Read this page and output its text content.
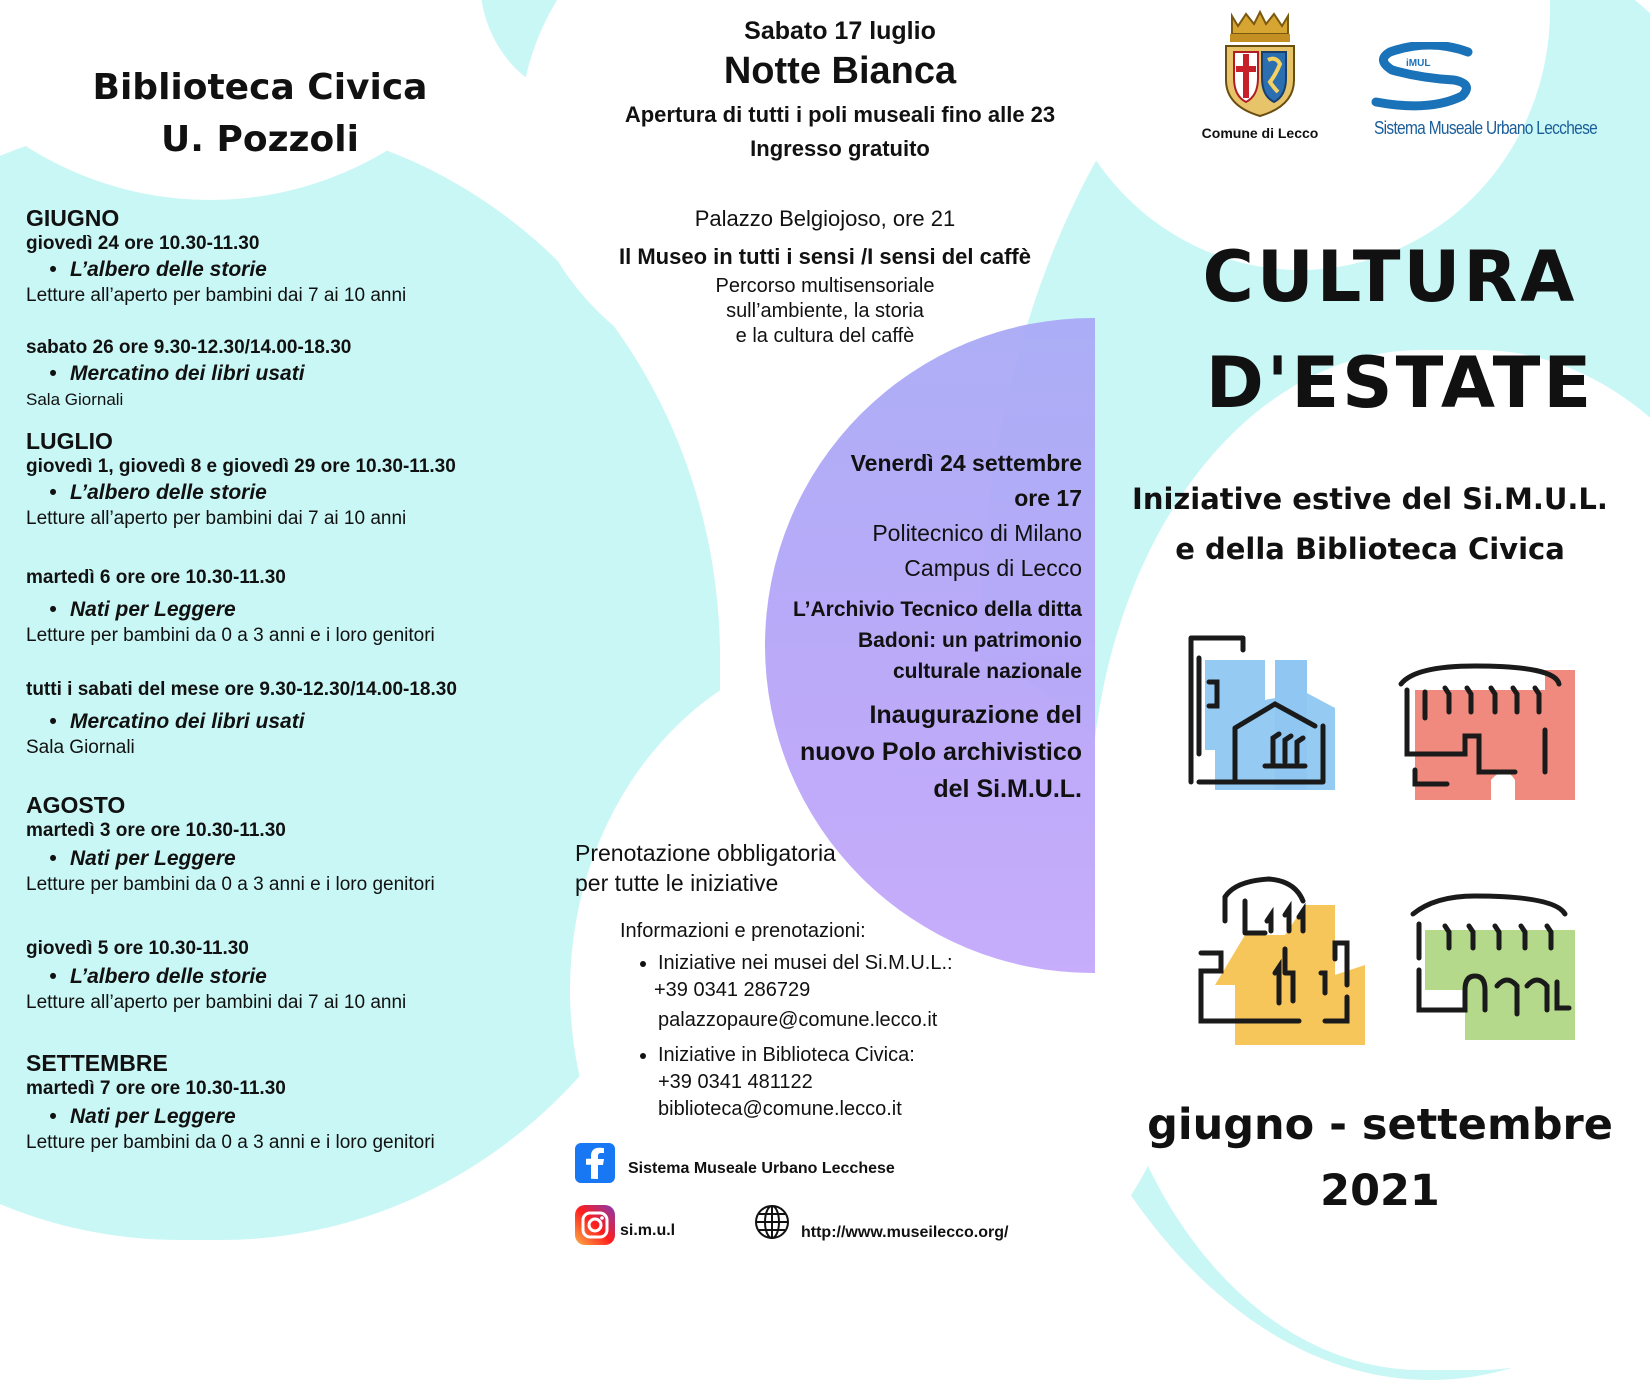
Biblioteca Civica
U. Pozzoli
GIUGNO
giovedì 24 ore 10.30-11.30
• L’albero delle storie
Letture all’aperto per bambini dai 7 ai 10 anni
sabato 26 ore 9.30-12.30/14.00-18.30
• Mercatino dei libri usati
Sala Giornali
LUGLIO
giovedì 1, giovedì 8 e giovedì 29 ore 10.30-11.30
• L’albero delle storie
Letture all’aperto per bambini dai 7 ai 10 anni
martedì 6 ore ore 10.30-11.30
• Nati per Leggere
Letture per bambini da 0 a 3 anni e i loro genitori
tutti i sabati del mese ore 9.30-12.30/14.00-18.30
• Mercatino dei libri usati
Sala Giornali
AGOSTO
martedì 3 ore ore 10.30-11.30
• Nati per Leggere
Letture per bambini da 0 a 3 anni e i loro genitori
giovedì 5 ore 10.30-11.30
• L’albero delle storie
Letture all’aperto per bambini dai 7 ai 10 anni
SETTEMBRE
martedì 7 ore ore 10.30-11.30
• Nati per Leggere
Letture per bambini da 0 a 3 anni e i loro genitori
Sabato 17 luglio
Notte Bianca
Apertura di tutti i poli museali fino alle 23
Ingresso gratuito
Palazzo Belgiojoso, ore 21
Il Museo in tutti i sensi /I sensi del caffè
Percorso multisensoriale
sull’ambiente, la storia
e la cultura del caffè
Venerdì 24 settembre
ore 17
Politecnico di Milano
Campus di Lecco
L’Archivio Tecnico della ditta
Badoni: un patrimonio
culturale nazionale
Inaugurazione del
nuovo Polo archivistico
del Si.M.U.L.
Prenotazione obbligatoria
per tutte le iniziative
Informazioni e prenotazioni:
• Iniziative nei musei del Si.M.U.L.:
+39 0341 286729
palazzopaure@comune.lecco.it
• Iniziative in Biblioteca Civica:
+39 0341 481122
biblioteca@comune.lecco.it
Sistema Museale Urbano Lecchese
si.m.u.l	http://www.museilecco.org/
Comune di Lecco
iMUL
Sistema Museale Urbano Lecchese
CULTURA
D'ESTATE
Iniziative estive del Si.M.U.L.
e della Biblioteca Civica
giugno - settembre
2021
